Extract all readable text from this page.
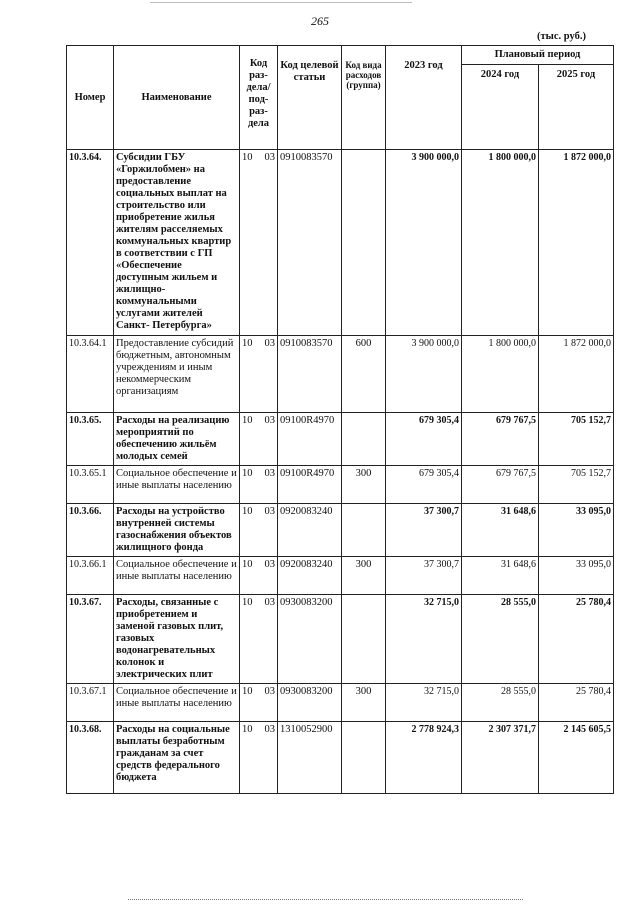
265
(тыс. руб.)
Номер	Наименование	Код раз- дела/ под- раз- дела	Код целевой статьи	Код вида расходов (группа)	2023 год	Плановый период	
						2024 год	2025 год
10.3.64.	Субсидии ГБУ «Горжилобмен» на предоставление социальных выплат на строительство или приобретение жилья жителям расселяемых коммунальных квартир в соответствии с ГП «Обеспечение доступным жильем и жилищно- коммунальными услугами жителей Санкт- Петербурга»	10 03	0910083570		3 900 000,0	1 800 000,0	1 872 000,0
10.3.64.1	Предоставление субсидий бюджетным, автономным учреждениям и иным некоммерческим организациям	10 03	0910083570	600	3 900 000,0	1 800 000,0	1 872 000,0
10.3.65.	Расходы на реализацию мероприятий по обеспечению жильём молодых семей	10 03	09100R4970		679 305,4	679 767,5	705 152,7
10.3.65.1	Социальное обеспечение и иные выплаты населению	10 03	09100R4970	300	679 305,4	679 767,5	705 152,7
10.3.66.	Расходы на устройство внутренней системы газоснабжения объектов жилищного фонда	10 03	0920083240		37 300,7	31 648,6	33 095,0
10.3.66.1	Социальное обеспечение и иные выплаты населению	10 03	0920083240	300	37 300,7	31 648,6	33 095,0
10.3.67.	Расходы, связанные с приобретением и заменой газовых плит, газовых водонагревательных колонок и электрических плит	10 03	0930083200		32 715,0	28 555,0	25 780,4
10.3.67.1	Социальное обеспечение и иные выплаты населению	10 03	0930083200	300	32 715,0	28 555,0	25 780,4
10.3.68.	Расходы на социальные выплаты безработным гражданам за счет средств федерального бюджета	10 03	1310052900		2 778 924,3	2 307 371,7	2 145 605,5
